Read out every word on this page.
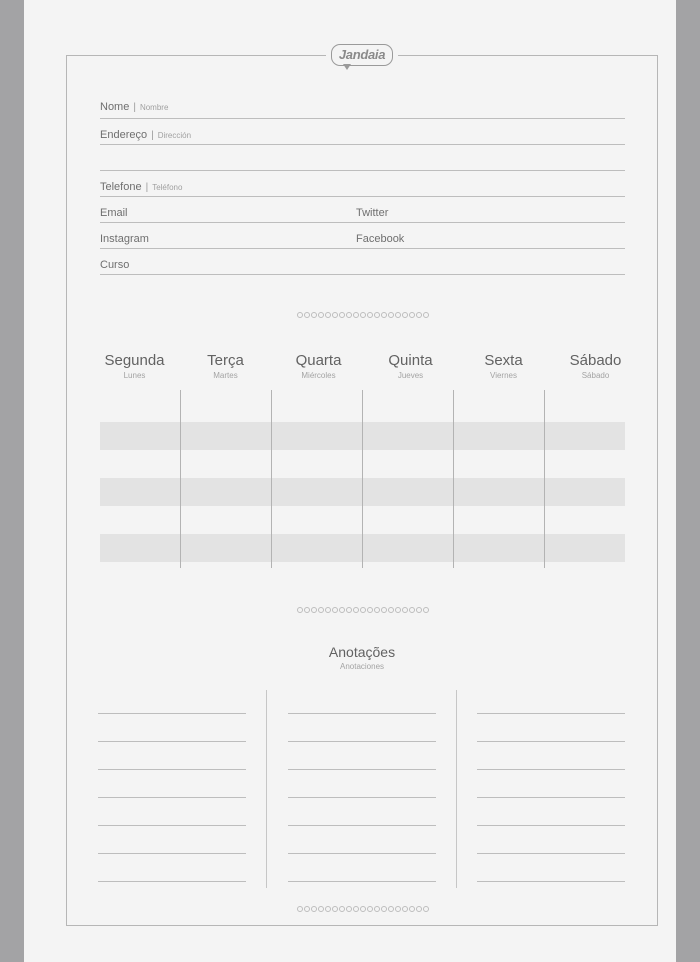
Jandaia
Nome | Nombre
Endereço | Dirección
Telefone | Teléfono
Email	Twitter
Instagram	Facebook
Curso
Segunda
Lunes
Terça
Martes
Quarta
Miércoles
Quinta
Jueves
Sexta
Viernes
Sábado
Sábado
Anotações
Anotaciones
